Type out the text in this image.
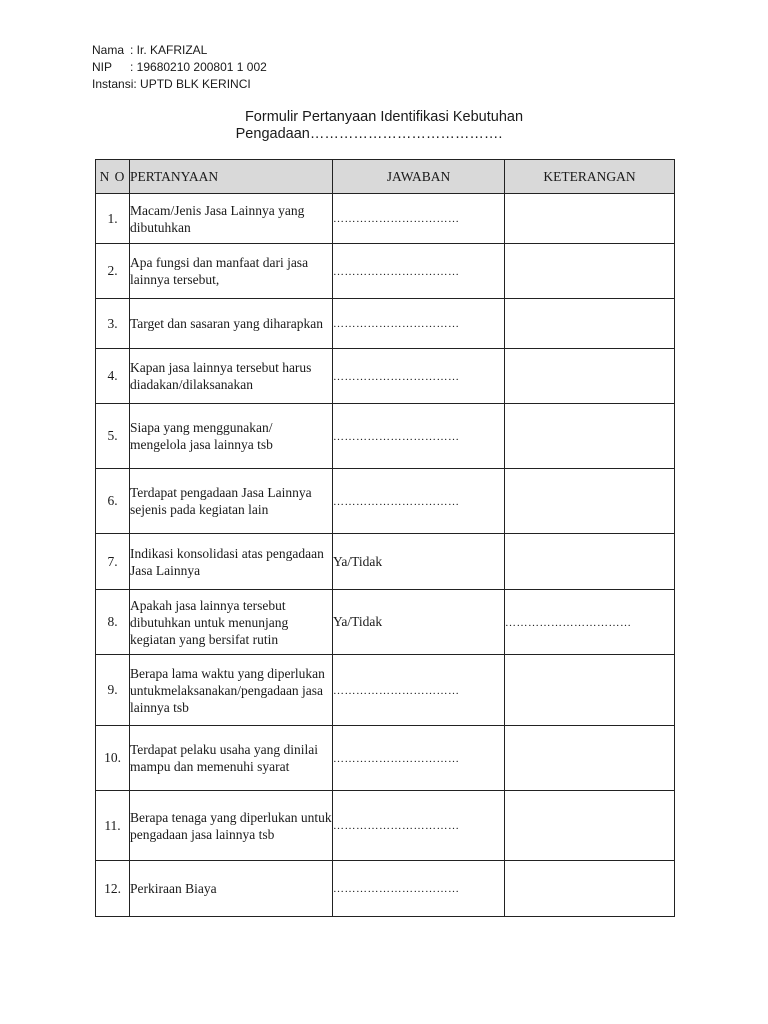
Nama : Ir. KAFRIZAL
NIP	: 19680210 200801 1 002
Instansi: UPTD BLK KERINCI
Formulir Pertanyaan Identifikasi Kebutuhan
Pengadaan………………………………….
N O	PERTANYAAN	JAWABAN	KETERANGAN
1.	Macam/Jenis Jasa Lainnya yang dibutuhkan	……………………………	
2.	Apa fungsi dan manfaat dari jasa lainnya tersebut,	……………………………	
3.	Target dan sasaran yang diharapkan	……………………………	
4.	Kapan jasa lainnya tersebut harus diadakan/dilaksanakan	……………………………	
5.	Siapa yang menggunakan/ mengelola jasa lainnya tsb	……………………………	
6.	Terdapat pengadaan Jasa Lainnya sejenis pada kegiatan lain	……………………………	
7.	Indikasi konsolidasi atas pengadaan Jasa Lainnya	Ya/Tidak	
8.	Apakah jasa lainnya tersebut dibutuhkan untuk menunjang kegiatan yang bersifat rutin	Ya/Tidak	……………………………
9.	Berapa lama waktu yang diperlukan untukmelaksanakan/pengadaan jasa lainnya tsb	……………………………	
10.	Terdapat pelaku usaha yang dinilai mampu dan memenuhi syarat	……………………………	
11.	Berapa tenaga yang diperlukan untuk pengadaan jasa lainnya tsb	……………………………	
12.	Perkiraan Biaya	……………………………	
